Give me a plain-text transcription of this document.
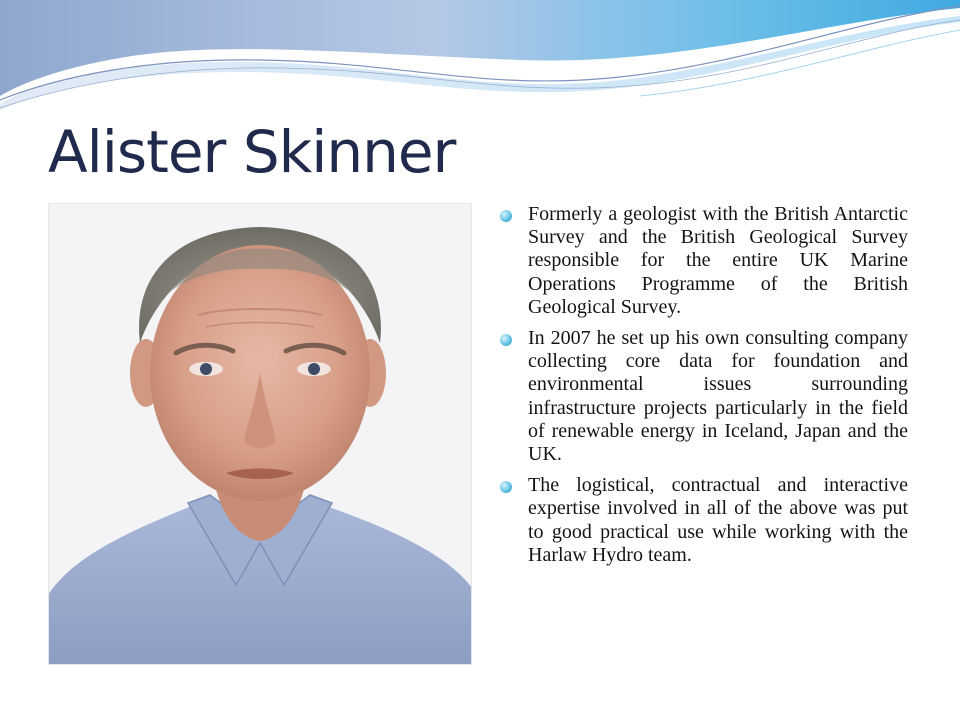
Alister Skinner
Formerly a geologist with the British Antarctic Survey and the British Geological Survey responsible for the entire UK Marine Operations Programme of the British Geological Survey.
In 2007 he set up his own consulting company collecting core data for foundation and environmental issues surrounding infrastructure projects particularly in the field of renewable energy in Iceland, Japan and the UK.
The logistical, contractual and interactive expertise involved in all of the above was put to good practical use while working with the Harlaw Hydro team.
